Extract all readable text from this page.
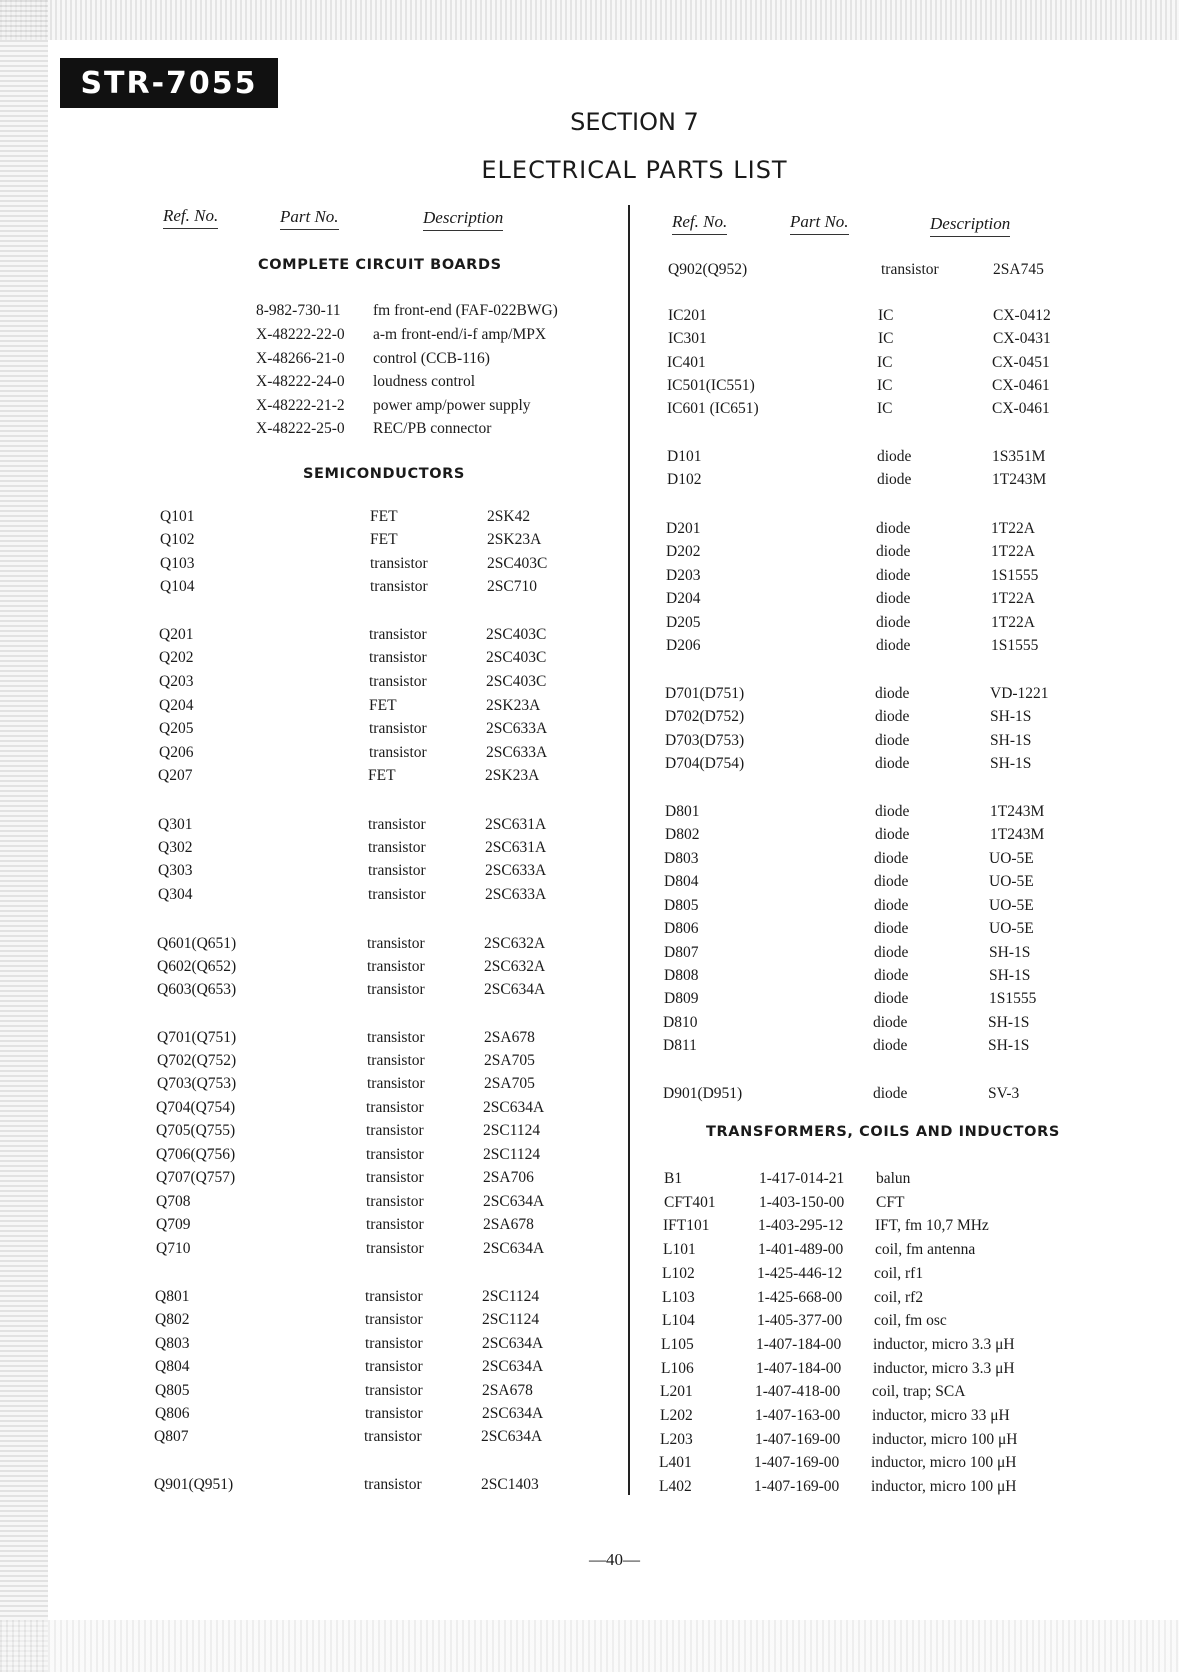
STR-7055
SECTION 7
ELECTRICAL PARTS LIST
Ref. No.	Part No.	Description	Ref. No.	Part No.	Description
COMPLETE CIRCUIT BOARDS
SEMICONDUCTORS
TRANSFORMERS, COILS AND INDUCTORS
8-982-730-11 fm front-end (FAF-022BWG)
X-48222-22-0 a-m front-end/i-f amp/MPX
X-48266-21-0 control (CCB-116)
X-48222-24-0 loudness control
X-48222-21-2 power amp/power supply
X-48222-25-0 REC/PB connector
Q101	FET	2SK42
Q102	FET	2SK23A
Q103	transistor	2SC403C
Q104	transistor	2SC710
Q201	transistor	2SC403C
Q202	transistor	2SC403C
Q203	transistor	2SC403C
Q204	FET	2SK23A
Q205	transistor	2SC633A
Q206	transistor	2SC633A
Q207	FET	2SK23A
Q301	transistor	2SC631A
Q302	transistor	2SC631A
Q303	transistor	2SC633A
Q304	transistor	2SC633A
Q601(Q651)	transistor	2SC632A
Q602(Q652)	transistor	2SC632A
Q603(Q653)	transistor	2SC634A
Q701(Q751)	transistor	2SA678
Q702(Q752)	transistor	2SA705
Q703(Q753)	transistor	2SA705
Q704(Q754)	transistor	2SC634A
Q705(Q755)	transistor	2SC1124
Q706(Q756)	transistor	2SC1124
Q707(Q757)	transistor	2SA706
Q708	transistor	2SC634A
Q709	transistor	2SA678
Q710	transistor	2SC634A
Q801	transistor	2SC1124
Q802	transistor	2SC1124
Q803	transistor	2SC634A
Q804	transistor	2SC634A
Q805	transistor	2SA678
Q806	transistor	2SC634A
Q807	transistor	2SC634A
Q901(Q951)	transistor	2SC1403
Q902(Q952)	transistor	2SA745
IC201	IC	CX-0412
IC301	IC	CX-0431
IC401	IC	CX-0451
IC501(IC551)	IC	CX-0461
IC601 (IC651)	IC	CX-0461
D101	diode	1S351M
D102	diode	1T243M
D201	diode	1T22A
D202	diode	1T22A
D203	diode	1S1555
D204	diode	1T22A
D205	diode	1T22A
D206	diode	1S1555
D701(D751)	diode	VD-1221
D702(D752)	diode	SH-1S
D703(D753)	diode	SH-1S
D704(D754)	diode	SH-1S
D801	diode	1T243M
D802	diode	1T243M
D803	diode	UO-5E
D804	diode	UO-5E
D805	diode	UO-5E
D806	diode	UO-5E
D807	diode	SH-1S
D808	diode	SH-1S
D809	diode	1S1555
D810	diode	SH-1S
D811	diode	SH-1S
D901(D951)	diode	SV-3
B1	1-417-014-21 balun
CFT401	1-403-150-00 CFT
IFT101	1-403-295-12 IFT, fm 10,7 MHz
L101	1-401-489-00 coil, fm antenna
L102	1-425-446-12 coil, rf1
L103	1-425-668-00 coil, rf2
L104	1-405-377-00 coil, fm osc
L105	1-407-184-00 inductor, micro 3.3 μH
L106	1-407-184-00 inductor, micro 3.3 μH
L201	1-407-418-00 coil, trap; SCA
L202	1-407-163-00 inductor, micro 33 μH
L203	1-407-169-00 inductor, micro 100 μH
L401	1-407-169-00 inductor, micro 100 μH
L402	1-407-169-00 inductor, micro 100 μH
—40—
